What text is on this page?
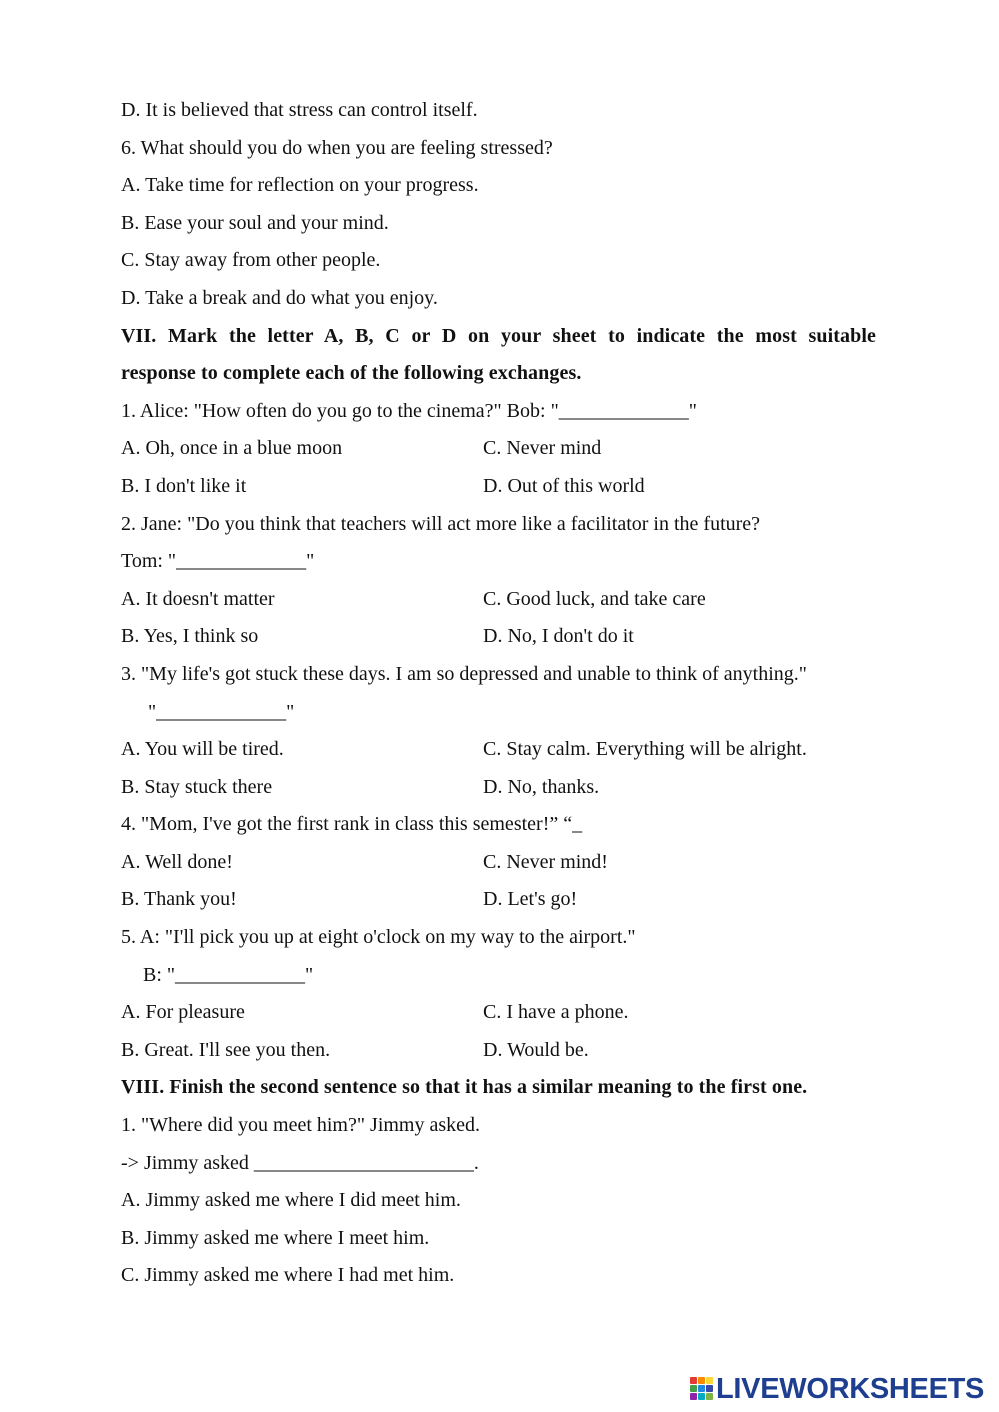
D. It is believed that stress can control itself.
6. What should you do when you are feeling stressed?
A. Take time for reflection on your progress.
B. Ease your soul and your mind.
C. Stay away from other people.
D. Take a break and do what you enjoy.
VII. Mark the letter A, B, C or D on your sheet to indicate the most suitable
response to complete each of the following exchanges.
1. Alice: "How often do you go to the cinema?" Bob: "_____________"
A. Oh, once in a blue moon	C. Never mind
B. I don't like it	D. Out of this world
2. Jane: "Do you think that teachers will act more like a facilitator in the future?
Tom: "_____________"
A. It doesn't matter	C. Good luck, and take care
B. Yes, I think so	D. No, I don't do it
3. "My life's got stuck these days. I am so depressed and unable to think of anything."
"_____________"
A. You will be tired.	C. Stay calm. Everything will be alright.
B. Stay stuck there	D. No, thanks.
4. "Mom, I've got the first rank in class this semester!” “_
A. Well done!	C. Never mind!
B. Thank you!	D. Let's go!
5. A: "I'll pick you up at eight o'clock on my way to the airport."
B: "_____________"
A. For pleasure	C. I have a phone.
B. Great. I'll see you then.	D. Would be.
VIII. Finish the second sentence so that it has a similar meaning to the first one.
1. "Where did you meet him?" Jimmy asked.
-> Jimmy asked ______________________.
A. Jimmy asked me where I did meet him.
B. Jimmy asked me where I meet him.
C. Jimmy asked me where I had met him.
LIVEWORKSHEETS
